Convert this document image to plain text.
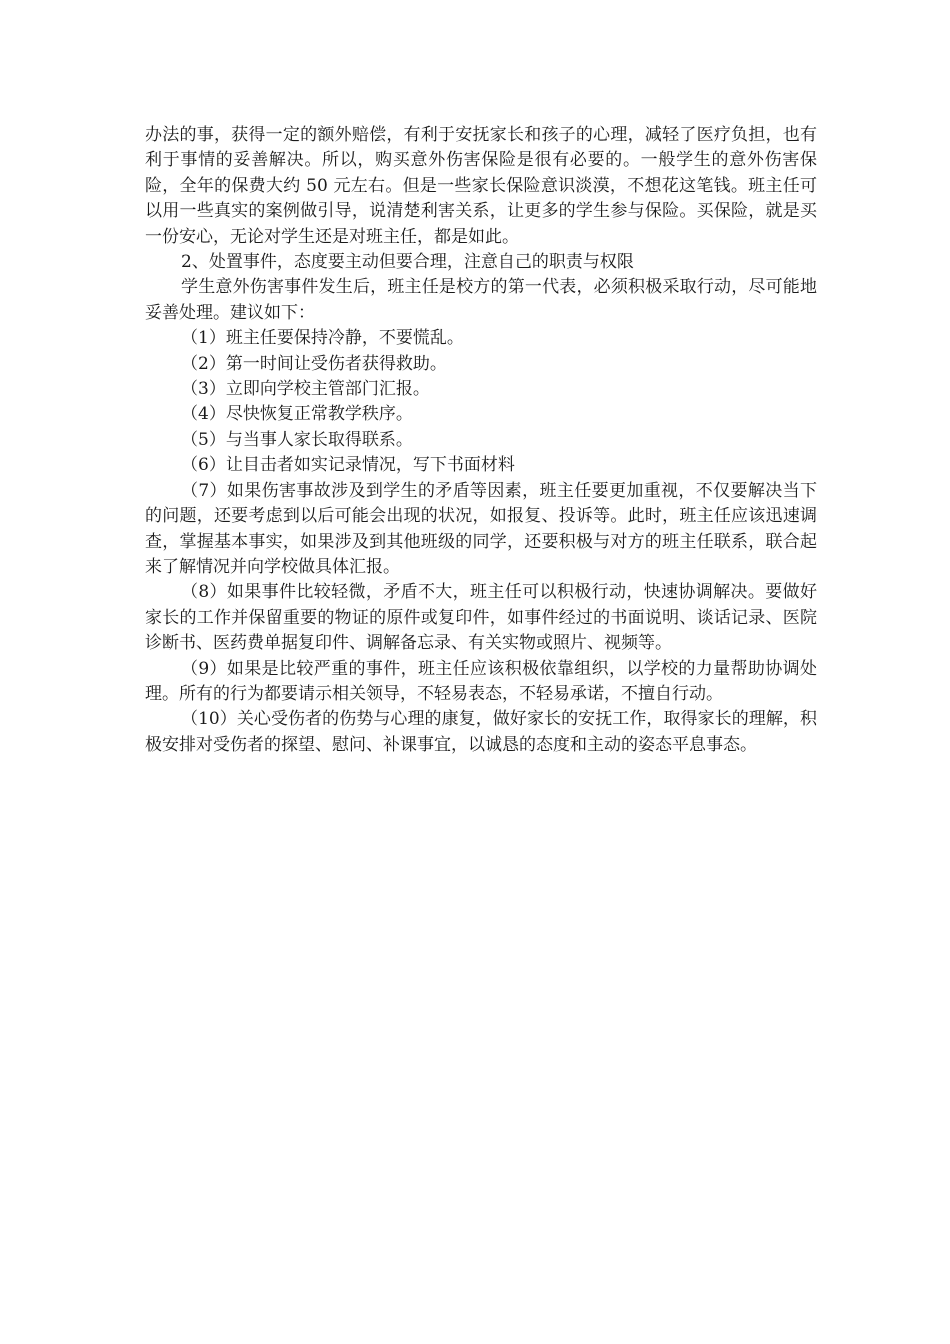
办法的事，获得一定的额外赔偿，有利于安抚家长和孩子的心理，减轻了医疗负担，也有利于事情的妥善解决。所以，购买意外伤害保险是很有必要的。一般学生的意外伤害保险，全年的保费大约 50 元左右。但是一些家长保险意识淡漠，不想花这笔钱。班主任可以用一些真实的案例做引导，说清楚利害关系，让更多的学生参与保险。买保险，就是买一份安心，无论对学生还是对班主任，都是如此。

2、处置事件，态度要主动但要合理，注意自己的职责与权限

学生意外伤害事件发生后，班主任是校方的第一代表，必须积极采取行动，尽可能地妥善处理。建议如下：

（1）班主任要保持冷静，不要慌乱。

（2）第一时间让受伤者获得救助。

（3）立即向学校主管部门汇报。

（4）尽快恢复正常教学秩序。

（5）与当事人家长取得联系。

（6）让目击者如实记录情况，写下书面材料

（7）如果伤害事故涉及到学生的矛盾等因素，班主任要更加重视，不仅要解决当下的问题，还要考虑到以后可能会出现的状况，如报复、投诉等。此时，班主任应该迅速调查，掌握基本事实，如果涉及到其他班级的同学，还要积极与对方的班主任联系，联合起来了解情况并向学校做具体汇报。

（8）如果事件比较轻微，矛盾不大，班主任可以积极行动，快速协调解决。要做好家长的工作并保留重要的物证的原件或复印件，如事件经过的书面说明、谈话记录、医院诊断书、医药费单据复印件、调解备忘录、有关实物或照片、视频等。

（9）如果是比较严重的事件，班主任应该积极依靠组织，以学校的力量帮助协调处理。所有的行为都要请示相关领导，不轻易表态，不轻易承诺，不擅自行动。

（10）关心受伤者的伤势与心理的康复，做好家长的安抚工作，取得家长的理解，积极安排对受伤者的探望、慰问、补课事宜，以诚恳的态度和主动的姿态平息事态。
